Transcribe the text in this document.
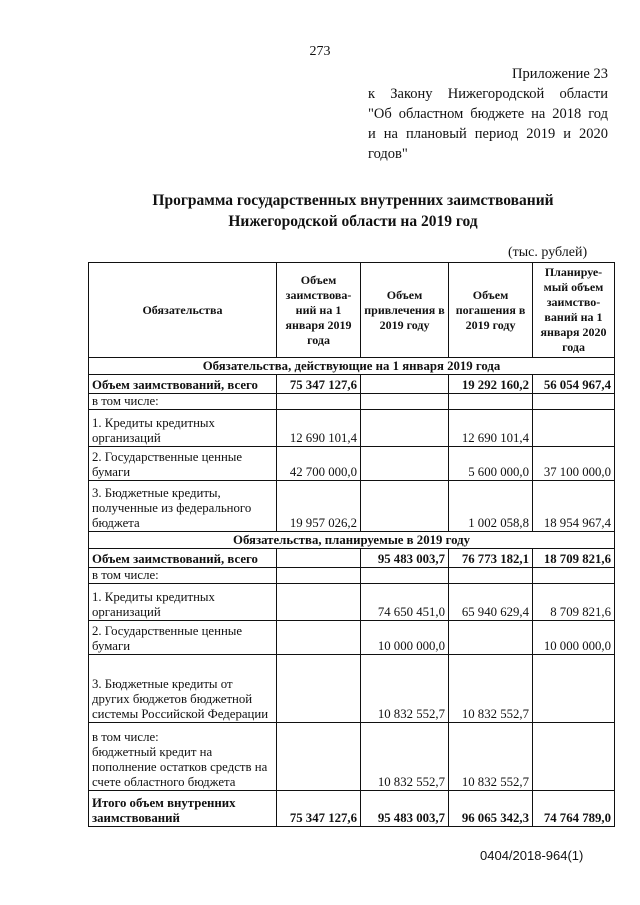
273
Приложение 23
к Закону Нижегородской области
"Об областном бюджете на 2018 год
и на плановый период 2019 и 2020
годов"
Программа государственных внутренних заимствований
Нижегородской области на 2019 год
(тыс. рублей)
Обязательства	Объем заимствова-ний на 1 января 2019 года	Объем привлечения в 2019 году	Объем погашения в 2019 году	Планируе-мый объем заимство-ваний на 1 января 2020 года
Обязательства, действующие на 1 января 2019 года				
Объем заимствований, всего	75 347 127,6		19 292 160,2	56 054 967,4
в том числе:				
1. Кредиты кредитных организаций	12 690 101,4		12 690 101,4	
2. Государственные ценные бумаги	42 700 000,0		5 600 000,0	37 100 000,0
3. Бюджетные кредиты, полученные из федерального бюджета	19 957 026,2		1 002 058,8	18 954 967,4
Обязательства, планируемые в 2019 году				
Объем заимствований, всего		95 483 003,7	76 773 182,1	18 709 821,6
в том числе:				
1. Кредиты кредитных организаций		74 650 451,0	65 940 629,4	8 709 821,6
2. Государственные ценные бумаги		10 000 000,0		10 000 000,0
3. Бюджетные кредиты от других бюджетов бюджетной системы Российской Федерации		10 832 552,7	10 832 552,7	

в том числе:
бюджетный кредит на пополнение остатков средств на счете областного бюджета		10 832 552,7	10 832 552,7	
Итого объем внутренних заимствований	75 347 127,6	95 483 003,7	96 065 342,3	74 764 789,0
0404/2018-964(1)
